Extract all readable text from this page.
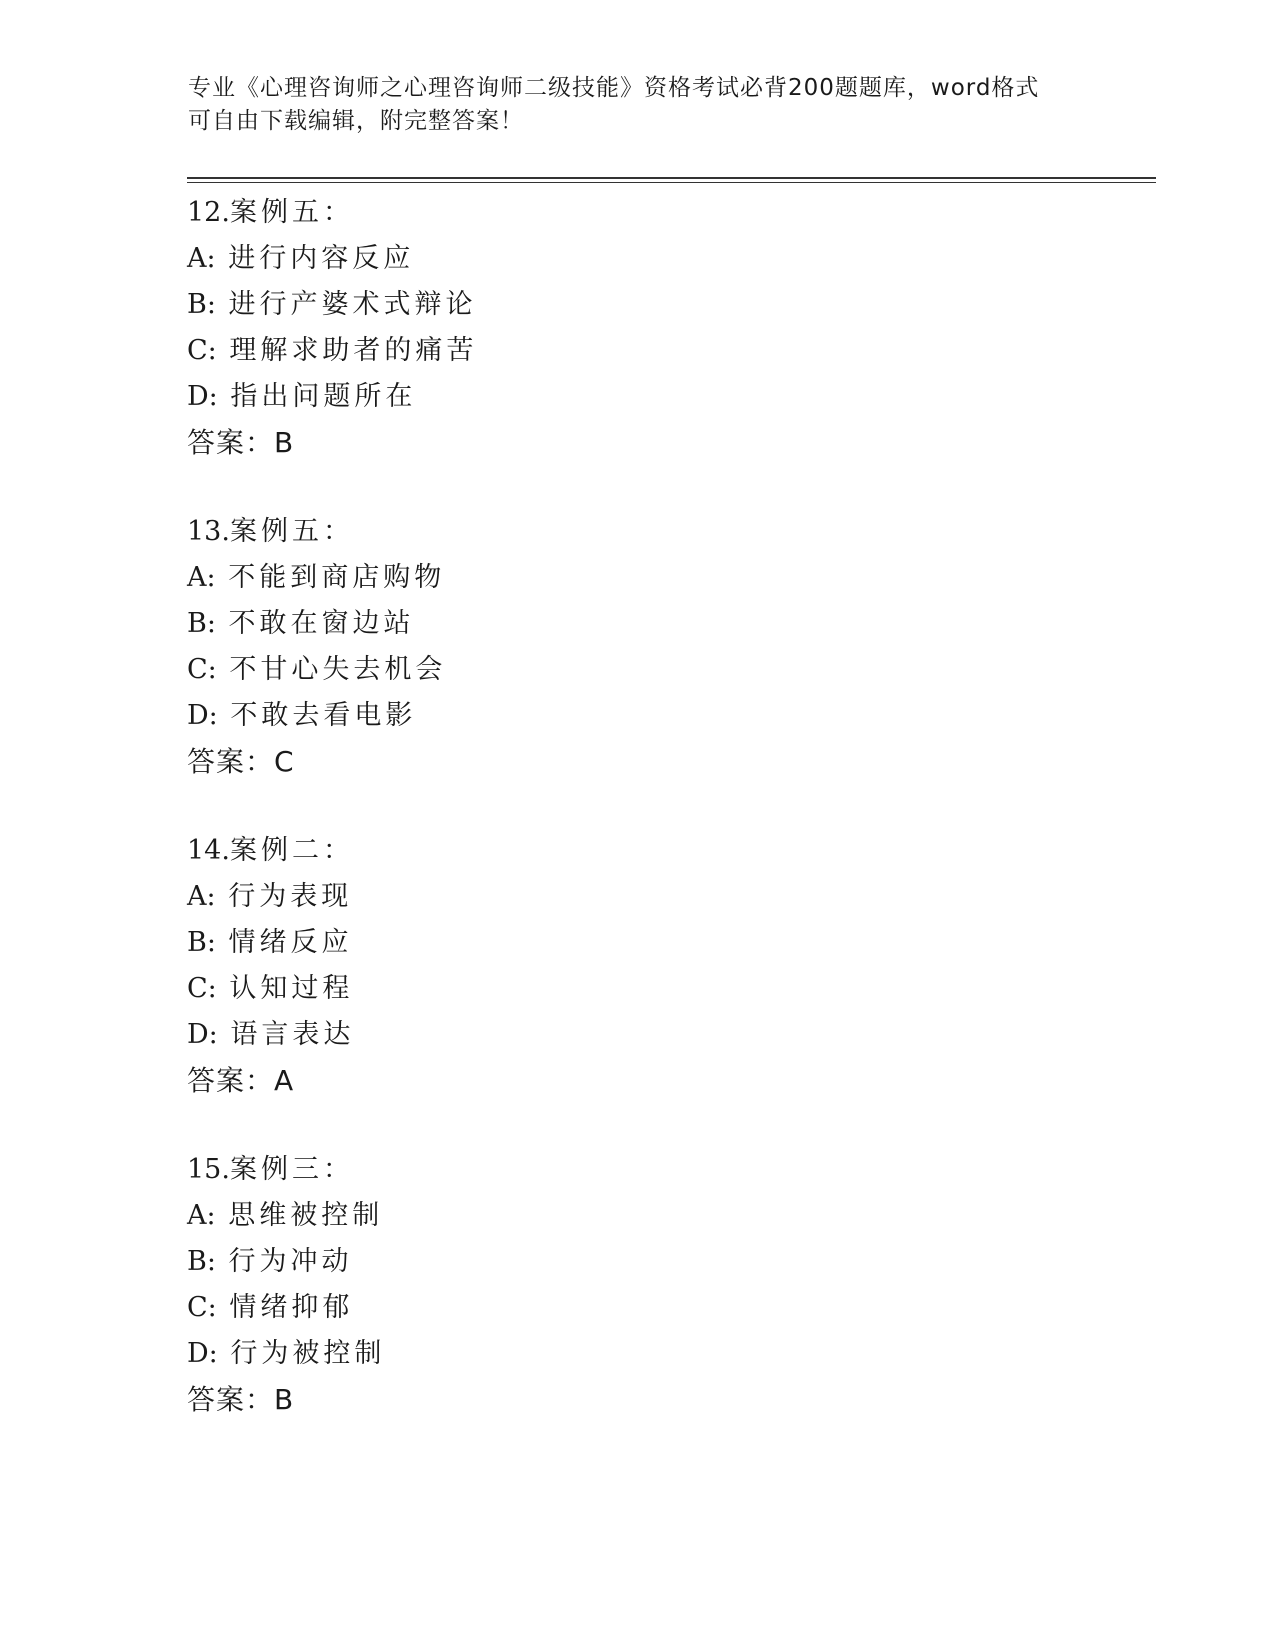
专业《心理咨询师之心理咨询师二级技能》资格考试必背200题题库，word格式
可自由下载编辑，附完整答案！
12.案例五：
A: 进行内容反应
B: 进行产婆术式辩论
C: 理解求助者的痛苦
D: 指出问题所在
答案：B
13.案例五：
A: 不能到商店购物
B: 不敢在窗边站
C: 不甘心失去机会
D: 不敢去看电影
答案：C
14.案例二：
A: 行为表现
B: 情绪反应
C: 认知过程
D: 语言表达
答案：A
15.案例三：
A: 思维被控制
B: 行为冲动
C: 情绪抑郁
D: 行为被控制
答案：B
